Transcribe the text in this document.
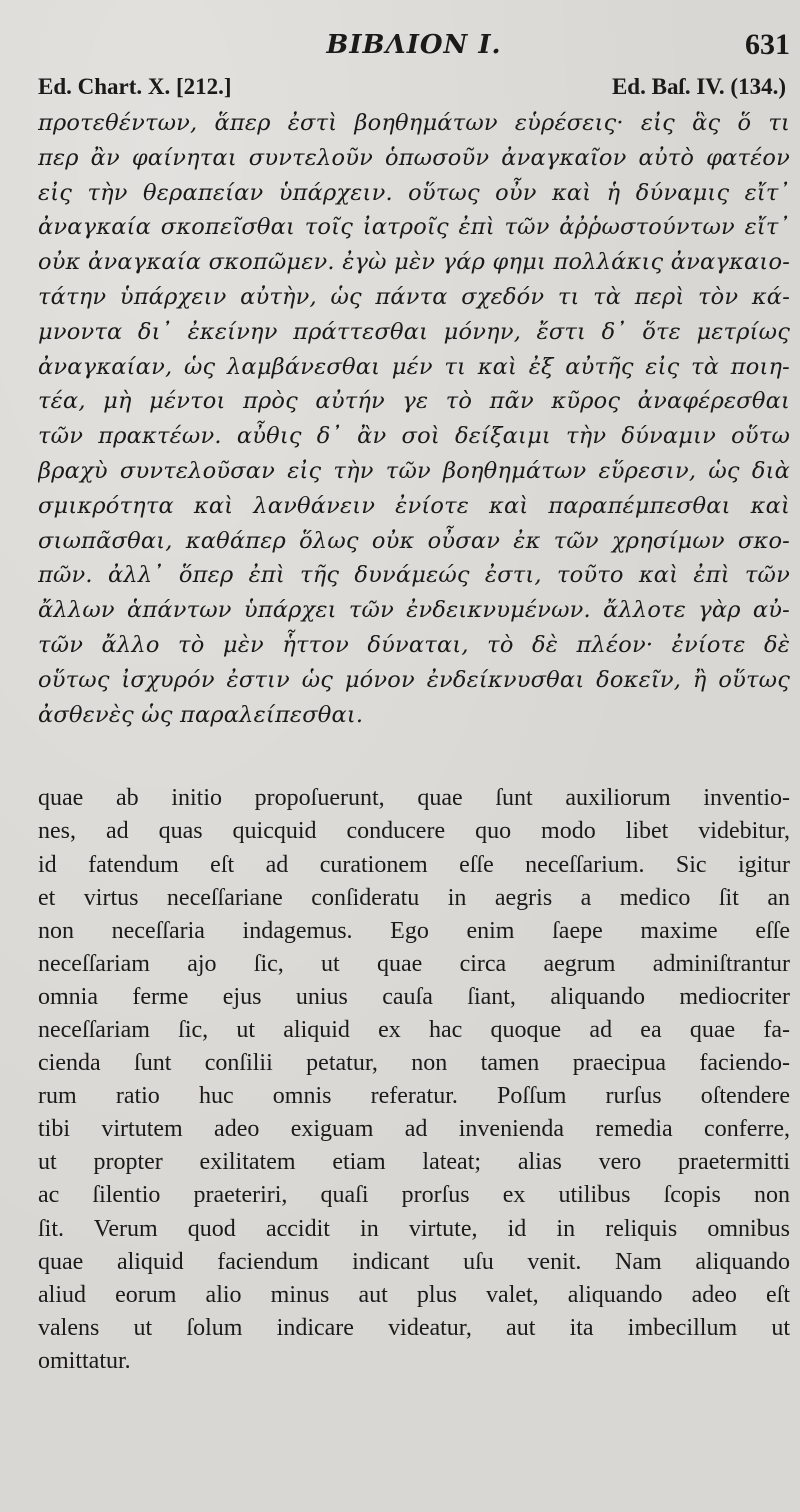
ΒΙΒΛΙΟΝ Ι.	631
Ed. Chart. X. [212.]	Ed. Baſ. IV. (134.)
προτεθέντων, ἅπερ ἐστὶ βοηθημάτων εὑρέσεις· εἰς ἃς ὅ τι
περ ἂν φαίνηται συντελοῦν ὁπωσοῦν ἀναγκαῖον αὐτὸ φατέον
εἰς τὴν θεραπείαν ὑπάρχειν. οὕτως οὖν καὶ ἡ δύναμις εἴτ᾽
ἀναγκαία σκοπεῖσθαι τοῖς ἰατροῖς ἐπὶ τῶν ἀῤῥωστούντων εἴτ᾽
οὐκ ἀναγκαία σκοπῶμεν. ἐγὼ μὲν γάρ φημι πολλάκις ἀναγκαιο-
τάτην ὑπάρχειν αὐτὴν, ὡς πάντα σχεδόν τι τὰ περὶ τὸν κά-
μνοντα δι᾽ ἐκείνην πράττεσθαι μόνην, ἔστι δ᾽ ὅτε μετρίως
ἀναγκαίαν, ὡς λαμβάνεσθαι μέν τι καὶ ἐξ αὐτῆς εἰς τὰ ποιη-
τέα, μὴ μέντοι πρὸς αὐτήν γε τὸ πᾶν κῦρος ἀναφέρεσθαι
τῶν πρακτέων. αὖθις δ᾽ ἂν σοὶ δείξαιμι τὴν δύναμιν οὕτω
βραχὺ συντελοῦσαν εἰς τὴν τῶν βοηθημάτων εὕρεσιν, ὡς διὰ
σμικρότητα καὶ λανθάνειν ἐνίοτε καὶ παραπέμπεσθαι καὶ
σιωπᾶσθαι, καθάπερ ὅλως οὐκ οὖσαν ἐκ τῶν χρησίμων σκο-
πῶν. ἀλλ᾽ ὅπερ ἐπὶ τῆς δυνάμεώς ἐστι, τοῦτο καὶ ἐπὶ τῶν
ἄλλων ἁπάντων ὑπάρχει τῶν ἐνδεικνυμένων. ἄλλοτε γὰρ αὐ-
τῶν ἄλλο τὸ μὲν ἧττον δύναται, τὸ δὲ πλέον· ἐνίοτε δὲ
οὕτως ἰσχυρόν ἐστιν ὡς μόνον ἐνδείκνυσθαι δοκεῖν, ἢ οὕτως
ἀσθενὲς ὡς παραλείπεσθαι.
quae ab initio propoſuerunt, quae ſunt auxiliorum inventio-
nes, ad quas quicquid conducere quo modo libet videbitur,
id fatendum eſt ad curationem eſſe neceſſarium. Sic igitur
et virtus neceſſariane conſideratu in aegris a medico ſit an
non neceſſaria indagemus. Ego enim ſaepe maxime eſſe
neceſſariam ajo ſic, ut quae circa aegrum adminiſtrantur
omnia ferme ejus unius cauſa ſiant, aliquando mediocriter
neceſſariam ſic, ut aliquid ex hac quoque ad ea quae fa-
cienda ſunt conſilii petatur, non tamen praecipua faciendo-
rum ratio huc omnis referatur. Poſſum rurſus oſtendere
tibi virtutem adeo exiguam ad invenienda remedia conferre,
ut propter exilitatem etiam lateat; alias vero praetermitti
ac ſilentio praeteriri, quaſi prorſus ex utilibus ſcopis non
ſit. Verum quod accidit in virtute, id in reliquis omnibus
quae aliquid faciendum indicant uſu venit. Nam aliquando
aliud eorum alio minus aut plus valet, aliquando adeo eſt
valens ut ſolum indicare videatur, aut ita imbecillum ut
omittatur.
